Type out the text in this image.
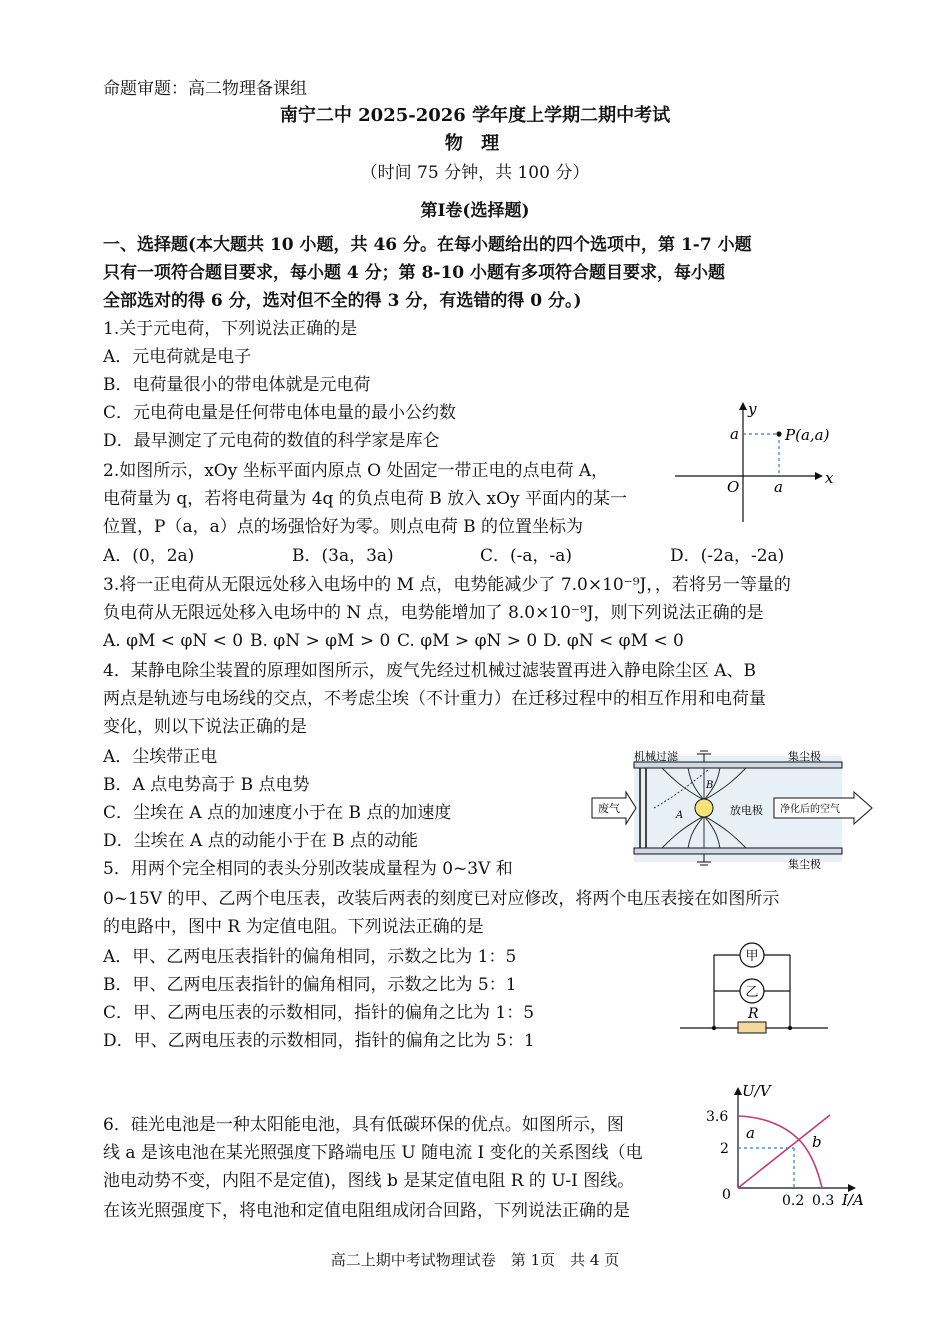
命题审题：高二物理备课组
南宁二中 2025-2026 学年度上学期二期中考试
物 理
（时间 75 分钟，共 100 分）
第Ⅰ卷(选择题)
一、选择题(本大题共 10 小题，共 46 分。在每小题给出的四个选项中，第 1-7 小题
只有一项符合题目要求，每小题 4 分；第 8-10 小题有多项符合题目要求，每小题
全部选对的得 6 分，选对但不全的得 3 分，有选错的得 0 分。)
1.关于元电荷，下列说法正确的是
A．元电荷就是电子
B．电荷量很小的带电体就是元电荷
C．元电荷电量是任何带电体电量的最小公约数
D．最早测定了元电荷的数值的科学家是库仑
2.如图所示，xOy 坐标平面内原点 O 处固定一带正电的点电荷 A，
电荷量为 q，若将电荷量为 4q 的负点电荷 B 放入 xOy 平面内的某一
位置，P（a，a）点的场强恰好为零。则点电荷 B 的位置坐标为
A．(0，2a)	B．(3a，3a)	C．(-a，-a)	D．(-2a，-2a)
y
x
O a
a	P(a,a)
3.将一正电荷从无限远处移入电场中的 M 点，电势能减少了 7.0×10⁻⁹J，，若将另一等量的
负电荷从无限远处移入电场中的 N 点，电势能增加了 8.0×10⁻⁹J，则下列说法正确的是
A. φM < φN < 0 B. φN > φM > 0 C. φM > φN > 0 D. φN < φM < 0
4．某静电除尘装置的原理如图所示，废气先经过机械过滤装置再进入静电除尘区 A、B
两点是轨迹与电场线的交点，不考虑尘埃（不计重力）在迁移过程中的相互作用和电荷量
变化，则以下说法正确的是
A．尘埃带正电
B．A 点电势高于 B 点电势
C．尘埃在 A 点的加速度小于在 B 点的加速度
D．尘埃在 A 点的动能小于在 B 点的动能
机械过滤	集尘极
集尘极
放电极
废气	净化后的空气
A
B
5．用两个完全相同的表头分别改装成量程为 0~3V 和
0~15V 的甲、乙两个电压表，改装后两表的刻度已对应修改，将两个电压表接在如图所示
的电路中，图中 R 为定值电阻。下列说法正确的是
A．甲、乙两电压表指针的偏角相同，示数之比为 1：5
B．甲、乙两电压表指针的偏角相同，示数之比为 5：1
C．甲、乙两电压表的示数相同，指针的偏角之比为 1：5
D．甲、乙两电压表的示数相同，指针的偏角之比为 5：1
甲
乙
R
6．硅光电池是一种太阳能电池，具有低碳环保的优点。如图所示，图
线 a 是该电池在某光照强度下路端电压 U 随电流 I 变化的关系图线（电
池电动势不变，内阻不是定值)，图线 b 是某定值电阻 R 的 U-I 图线。
在该光照强度下，将电池和定值电阻组成闭合回路，下列说法正确的是
U/V
I/A
3.6
2
0	0.2 0.3
a	b
高二上期中考试物理试卷　第 1页　共 4 页
